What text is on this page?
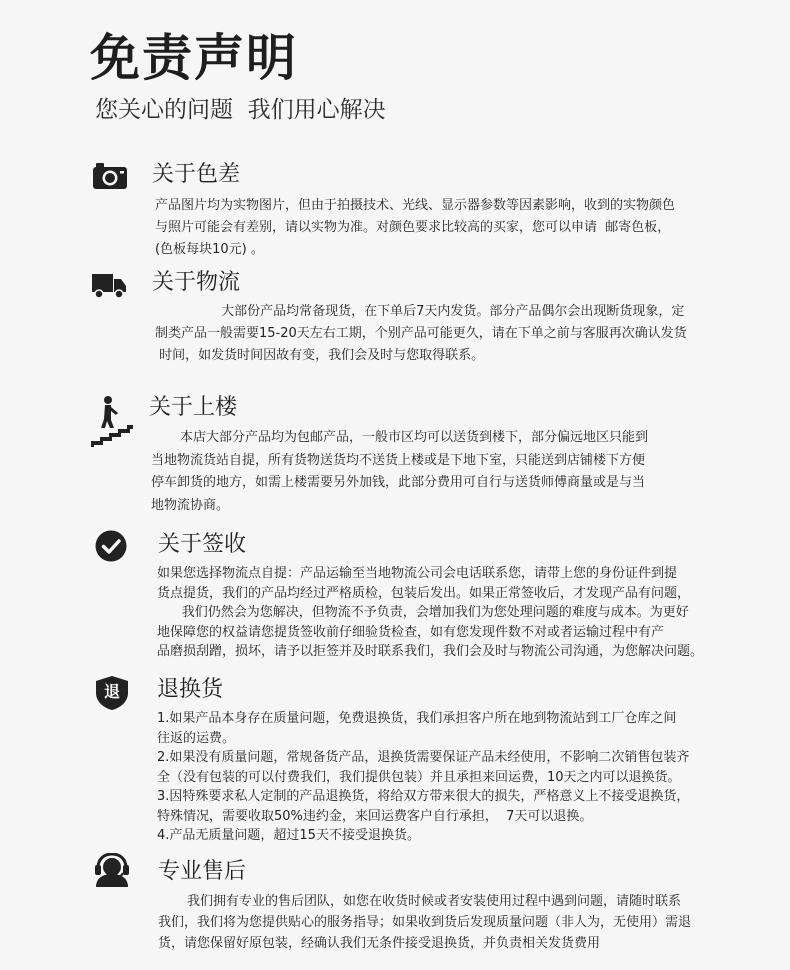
免责声明
您关心的问题  我们用心解决
关于色差
产品图片均为实物图片，但由于拍摄技术、光线、显示器参数等因素影响，收到的实物颜色
与照片可能会有差别，请以实物为准。对颜色要求比较高的买家，您可以申请  邮寄色板，
(色板每块10元) 。
关于物流
大部份产品均常备现货，在下单后7天内发货。部分产品偶尔会出现断货现象，定
制类产品一般需要15-20天左右工期，个别产品可能更久，请在下单之前与客服再次确认发货
时间，如发货时间因故有变，我们会及时与您取得联系。
关于上楼
本店大部分产品均为包邮产品，一般市区均可以送货到楼下，部分偏远地区只能到
当地物流货站自提，所有货物送货均不送货上楼或是下地下室，只能送到店铺楼下方便
停车卸货的地方，如需上楼需要另外加钱，此部分费用可自行与送货师傅商量或是与当
地物流协商。
关于签收
如果您选择物流点自提：产品运输至当地物流公司会电话联系您，请带上您的身份证件到提
货点提货，我们的产品均经过严格质检，包装后发出。如果正常签收后，才发现产品有问题，
我们仍然会为您解决，但物流不予负责，会增加我们为您处理问题的难度与成本。为更好
地保障您的权益请您提货签收前仔细验货检查，如有您发现件数不对或者运输过程中有产
品磨损刮蹭，损坏，请予以拒签并及时联系我们，我们会及时与物流公司沟通，为您解决问题。
退	退换货
1.如果产品本身存在质量问题，免费退换货，我们承担客户所在地到物流站到工厂仓库之间
往返的运费。
2.如果没有质量问题，常规备货产品，退换货需要保证产品未经使用，不影响二次销售包装齐
全（没有包装的可以付费我们，我们提供包装）并且承担来回运费，10天之内可以退换货。
3.因特殊要求私人定制的产品退换货，将给双方带来很大的损失，严格意义上不接受退换货，
特殊情况，需要收取50%违约金，来回运费客户自行承担，  7天可以退换。
4.产品无质量问题，超过15天不接受退换货。
专业售后
我们拥有专业的售后团队，如您在收货时候或者安装使用过程中遇到问题，请随时联系
我们，我们将为您提供贴心的服务指导；如果收到货后发现质量问题（非人为，无使用）需退
货，请您保留好原包装，经确认我们无条件接受退换货，并负责相关发货费用
